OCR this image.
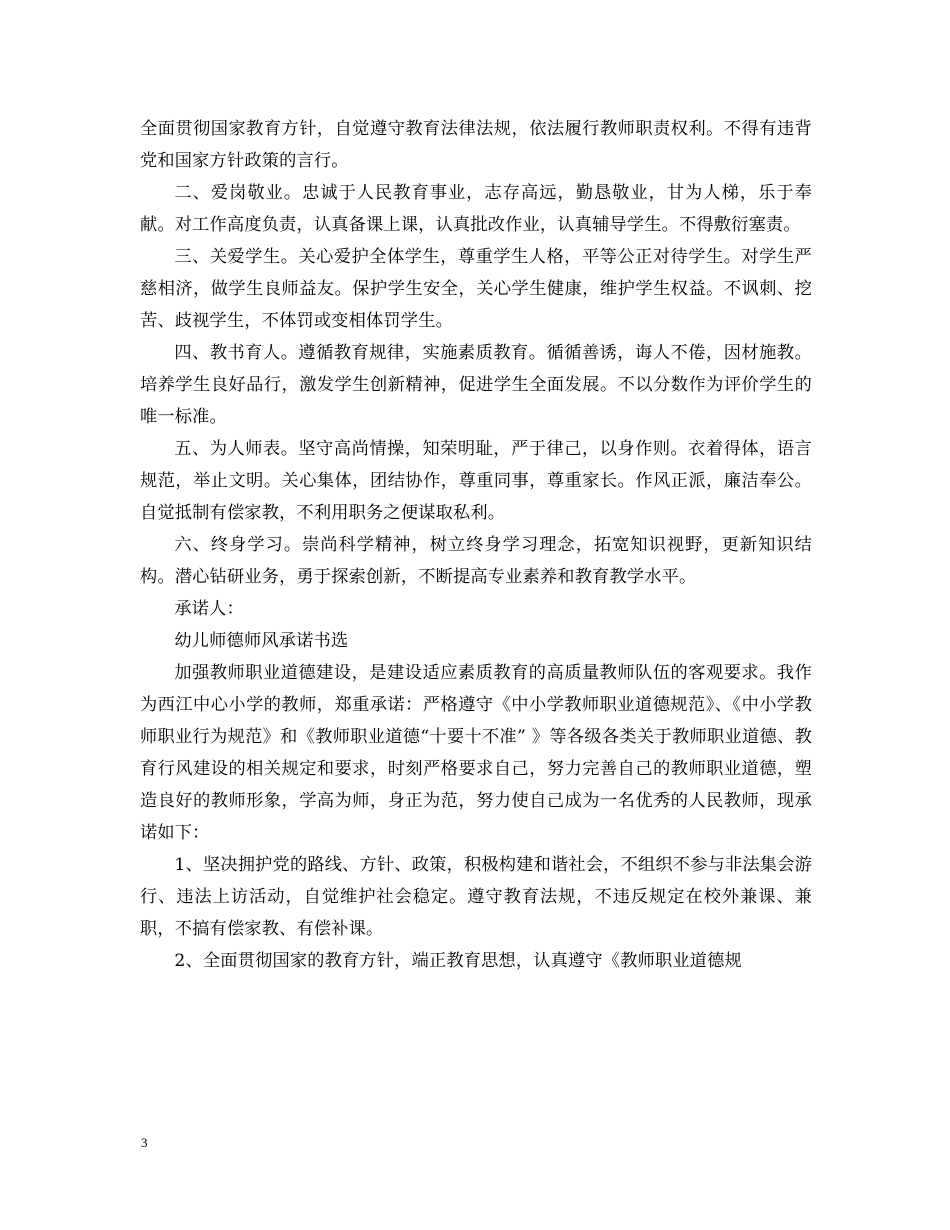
全面贯彻国家教育方针，自觉遵守教育法律法规，依法履行教师职责权利。不得有违背党和国家方针政策的言行。

二、爱岗敬业。忠诚于人民教育事业，志存高远，勤恳敬业，甘为人梯，乐于奉献。对工作高度负责，认真备课上课，认真批改作业，认真辅导学生。不得敷衍塞责。

三、关爱学生。关心爱护全体学生，尊重学生人格，平等公正对待学生。对学生严慈相济，做学生良师益友。保护学生安全，关心学生健康，维护学生权益。不讽刺、挖苦、歧视学生，不体罚或变相体罚学生。

四、教书育人。遵循教育规律，实施素质教育。循循善诱，诲人不倦，因材施教。培养学生良好品行，激发学生创新精神，促进学生全面发展。不以分数作为评价学生的唯一标准。

五、为人师表。坚守高尚情操，知荣明耻，严于律己，以身作则。衣着得体，语言规范，举止文明。关心集体，团结协作，尊重同事，尊重家长。作风正派，廉洁奉公。自觉抵制有偿家教，不利用职务之便谋取私利。

六、终身学习。崇尚科学精神，树立终身学习理念，拓宽知识视野，更新知识结构。潜心钻研业务，勇于探索创新，不断提高专业素养和教育教学水平。

承诺人：

幼儿师德师风承诺书选

加强教师职业道德建设，是建设适应素质教育的高质量教师队伍的客观要求。我作为西江中心小学的教师，郑重承诺：严格遵守《中小学教师职业道德规范》、《中小学教师职业行为规范》和《教师职业道德“十要十不准” 》等各级各类关于教师职业道德、教育行风建设的相关规定和要求，时刻严格要求自己，努力完善自己的教师职业道德，塑造良好的教师形象，学高为师，身正为范，努力使自己成为一名优秀的人民教师，现承诺如下：

1、坚决拥护党的路线、方针、政策，积极构建和谐社会，不组织不参与非法集会游行、违法上访活动，自觉维护社会稳定。遵守教育法规，不违反规定在校外兼课、兼职，不搞有偿家教、有偿补课。

2、全面贯彻国家的教育方针，端正教育思想，认真遵守《教师职业道德规

3
